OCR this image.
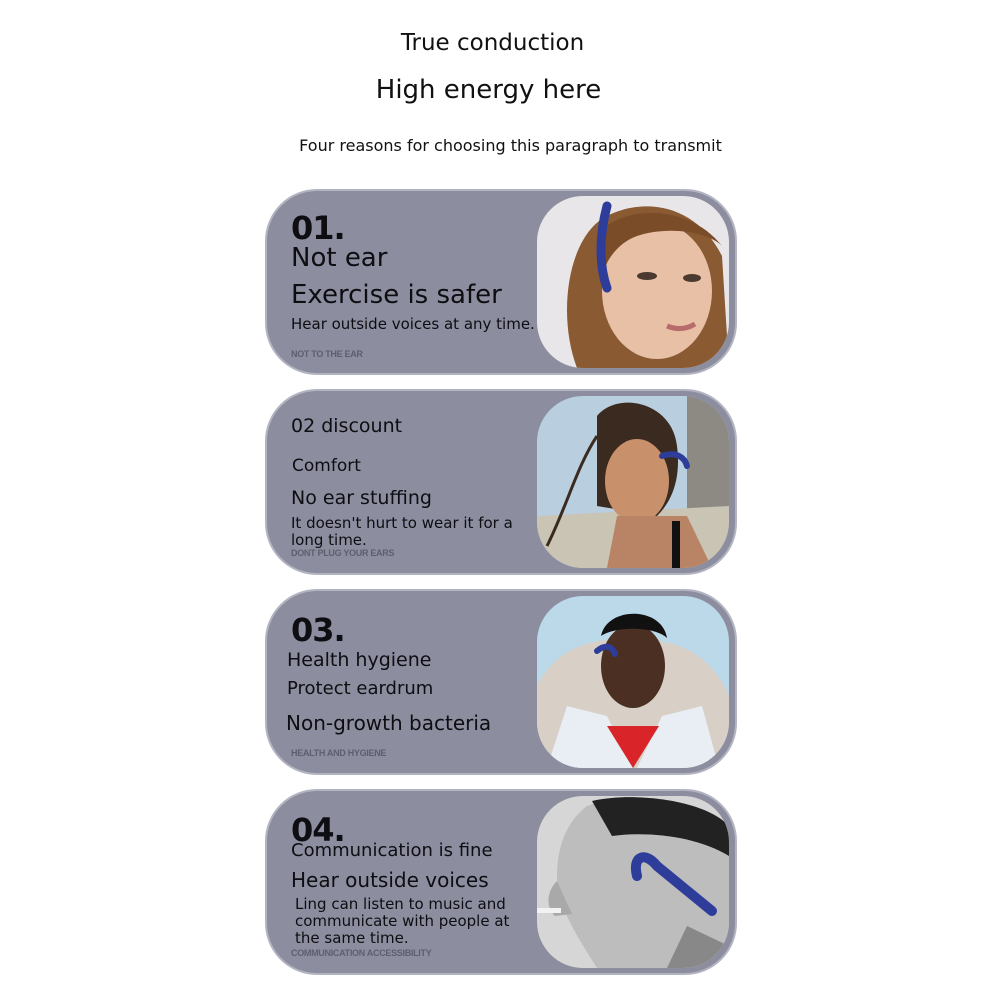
True conduction
High energy here
Four reasons for choosing this paragraph to transmit
01.
Not ear
Exercise is safer
Hear outside voices at any time.
NOT TO THE EAR
02 discount
Comfort
No ear stuffing
It doesn't hurt to wear it for a long time.
DONT PLUG YOUR EARS
03.
Health hygiene
Protect eardrum
Non-growth bacteria
HEALTH AND HYGIENE
04.
Communication is fine
Hear outside voices
Ling can listen to music and communicate with people at the same time.
COMMUNICATION ACCESSIBILITY
